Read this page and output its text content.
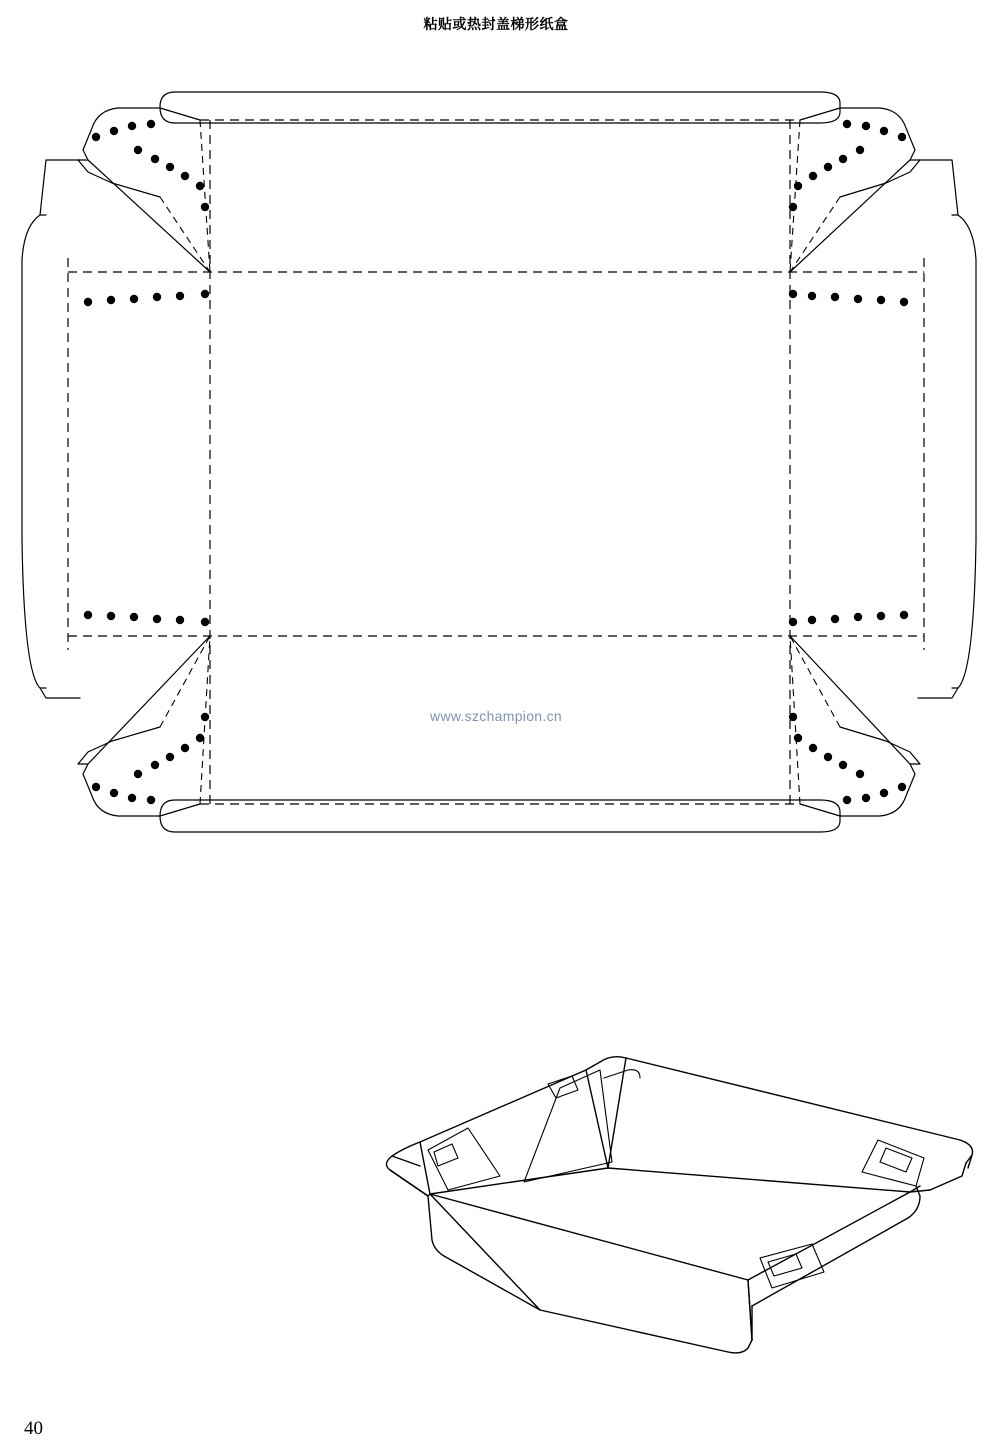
粘贴或热封盖梯形纸盒
www.szchampion.cn
40
